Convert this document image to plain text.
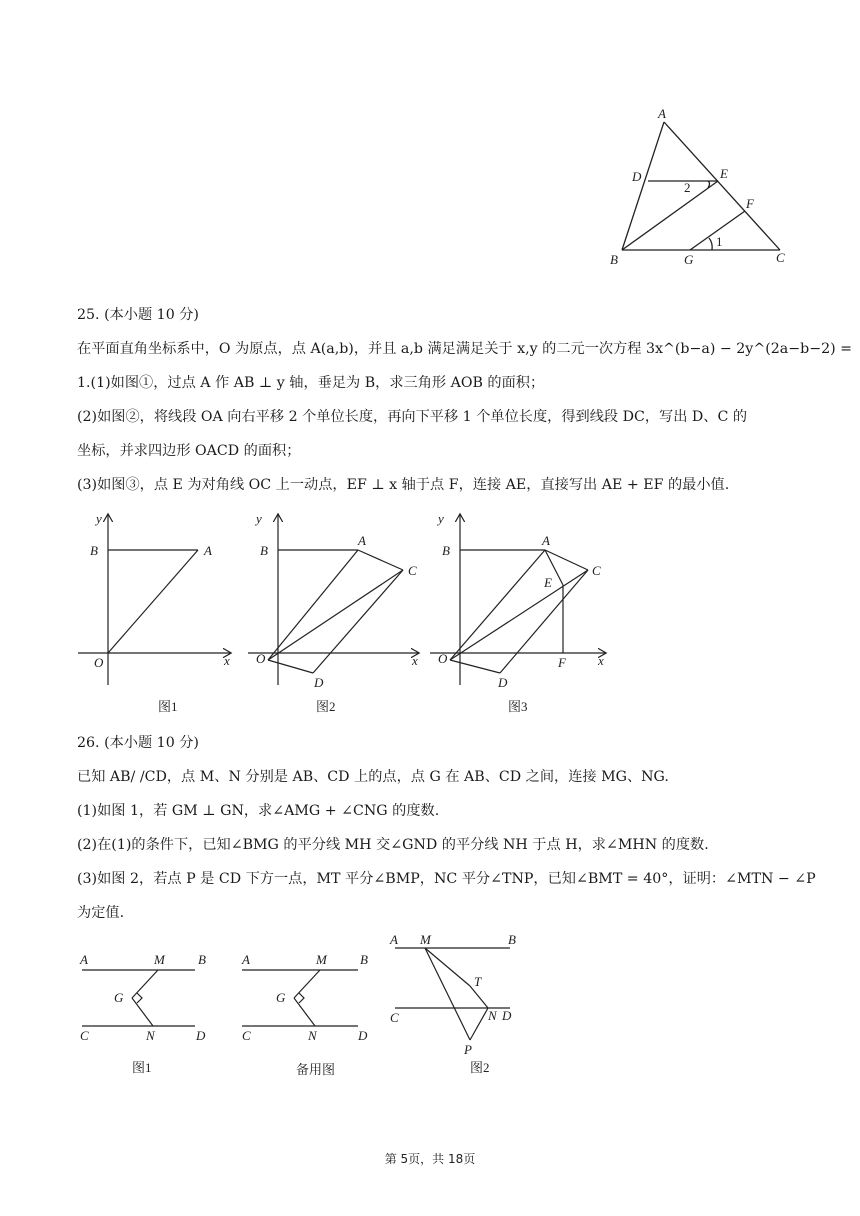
A
D	E
F
B	G	C
2
1
25. (本小题 10 分)
在平面直角坐标系中，O 为原点，点 A(a,b)，并且 a,b 满足满足关于 x,y 的二元一次方程 3x^(b−a) − 2y^(2a−b−2) =
1.(1)如图①，过点 A 作 AB ⊥ y 轴，垂足为 B，求三角形 AOB 的面积；
(2)如图②，将线段 OA 向右平移 2 个单位长度，再向下平移 1 个单位长度，得到线段 DC，写出 D、C 的
坐标，并求四边形 OACD 的面积；
(3)如图③，点 E 为对角线 OC 上一动点，EF ⊥ x 轴于点 F，连接 AE，直接写出 AE + EF 的最小值.
y
x
B	A
O
图1
y
x
B
A
C
O
D
图2
y
x
B
A
C
E
F
O
D
图3
26. (本小题 10 分)
已知 AB∕ ∕CD，点 M、N 分别是 AB、CD 上的点，点 G 在 AB、CD 之间，连接 MG、NG.
(1)如图 1，若 GM ⊥ GN，求∠AMG + ∠CNG 的度数.
(2)在(1)的条件下，已知∠BMG 的平分线 MH 交∠GND 的平分线 NH 于点 H，求∠MHN 的度数.
(3)如图 2，若点 P 是 CD 下方一点，MT 平分∠BMP，NC 平分∠TNP，已知∠BMT = 40°，证明：∠MTN − ∠P
为定值.
A	M	B
G
C	N	D
图1
A	M	B
G
C	N	D
备用图
A M	B
T
C	N D
P
图2
第 5页，共 18页
